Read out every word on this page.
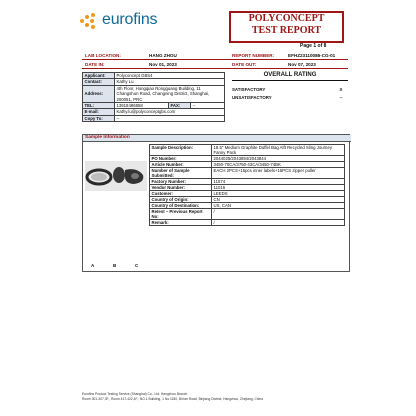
eurofins	POLYCONCEPT
TEST REPORT
Page 1 of 8
LAB LOCATION:	HANG ZHOU	REPORT NUMBER:	EFHZ23110086-CG-01
DATE IN:	Nov 01, 2023	DATE OUT:	Nov 07, 2023
Applicant:	Polyconcept GBS4		
Contact:	Kathy Lu		
Address:	4th Floor, Hongqiao Rongguang Building, 11 Changshun Road, Changning District, Shanghai, 200051, PRC		
TEL:	13918486858	FAX:	--
E-mail:	Kathy.lu@polyconceptgbs.com		
Copy To:	--		
OVERALL RATING
SATISFACTORY	X
UNSATISFACTORY	--
Sample Information
Sample Description:	18.5" Medium Graphite Duffel Bag Alft Recycled Sling Journey Fanny Pack
PO Number:	2044025/2043894/2043844
Article Number:	3450-70CA/3750-43CA/3450-74BK
Number of Sample Submitted:	EACH 2PCS+15pcs inner labels+15PCS zipper puller
Factory Number:	11574
Vendor Number:	11016
Customer:	LEEDS
Country of Origin:	CN
Country of Destination:	US, CAN
Retest – Previous Report No:	/
Remark:	/
A	B	C
Eurofins Product Testing Service (Shanghai) Co., Ltd. Hangzhou Branch
Room 301-307,3F., Room 417-422,4F., NO.1 Building, 1 No.1180, Bin'an Road, Binjiang District, Hangzhou, Zhejiang, China
